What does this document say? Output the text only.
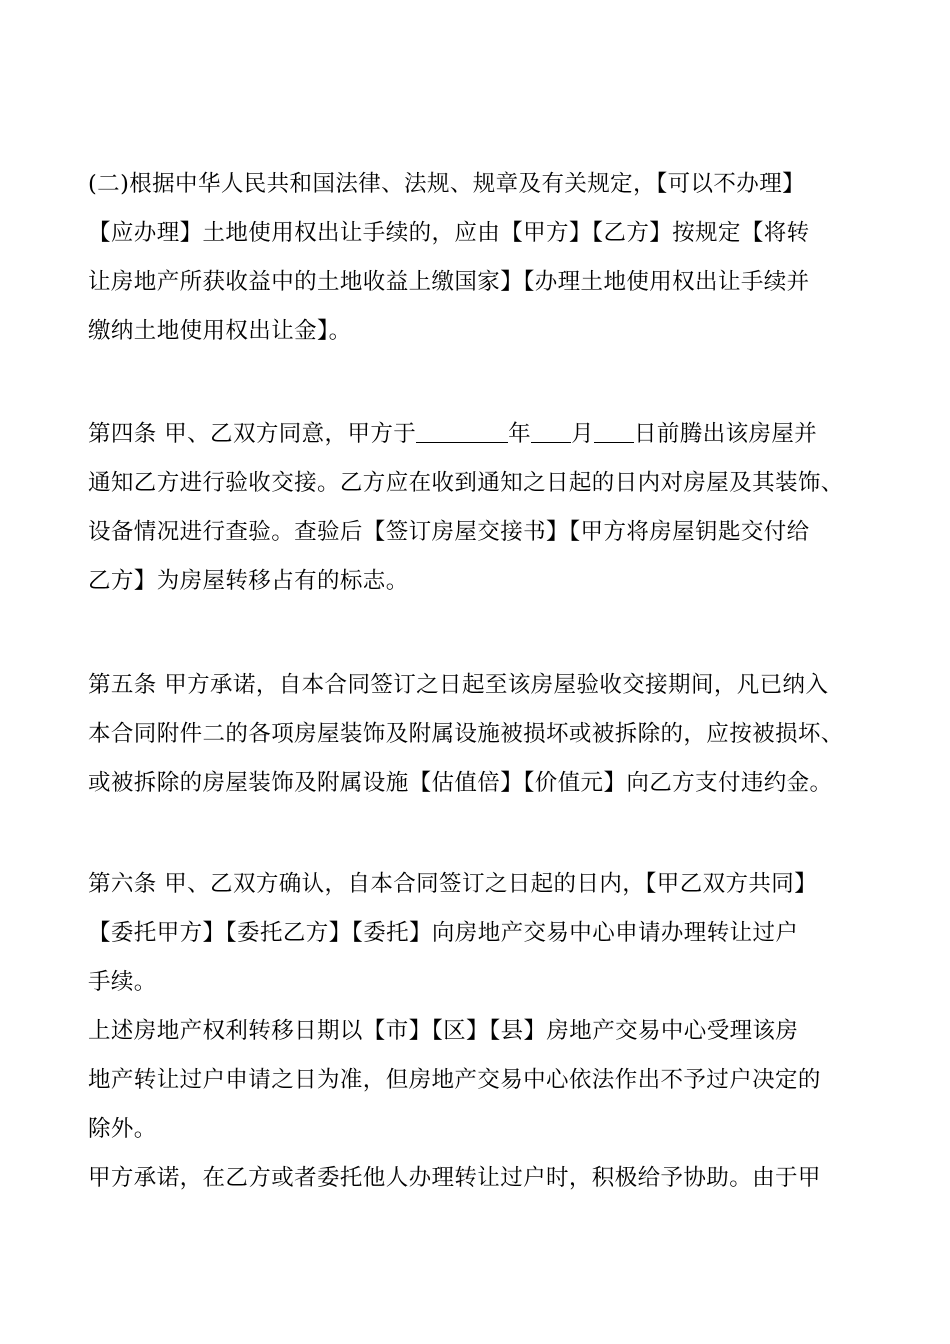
(二)根据中华人民共和国法律、法规、规章及有关规定，【可以不办理】
【应办理】土地使用权出让手续的，应由【甲方】【乙方】按规定【将转
让房地产所获收益中的土地收益上缴国家】【办理土地使用权出让手续并
缴纳土地使用权出让金】。

第四条 甲、乙双方同意，甲方于	年 月 日前腾出该房屋并
通知乙方进行验收交接。乙方应在收到通知之日起的日内对房屋及其装饰、
设备情况进行查验。查验后【签订房屋交接书】【甲方将房屋钥匙交付给
乙方】为房屋转移占有的标志。

第五条 甲方承诺，自本合同签订之日起至该房屋验收交接期间，凡已纳入
本合同附件二的各项房屋装饰及附属设施被损坏或被拆除的，应按被损坏、
或被拆除的房屋装饰及附属设施【估值倍】【价值元】向乙方支付违约金。

第六条 甲、乙双方确认，自本合同签订之日起的日内，【甲乙双方共同】
【委托甲方】【委托乙方】【委托】向房地产交易中心申请办理转让过户
手续。
上述房地产权利转移日期以【市】【区】【县】房地产交易中心受理该房
地产转让过户申请之日为准，但房地产交易中心依法作出不予过户决定的
除外。
甲方承诺，在乙方或者委托他人办理转让过户时，积极给予协助。由于甲
